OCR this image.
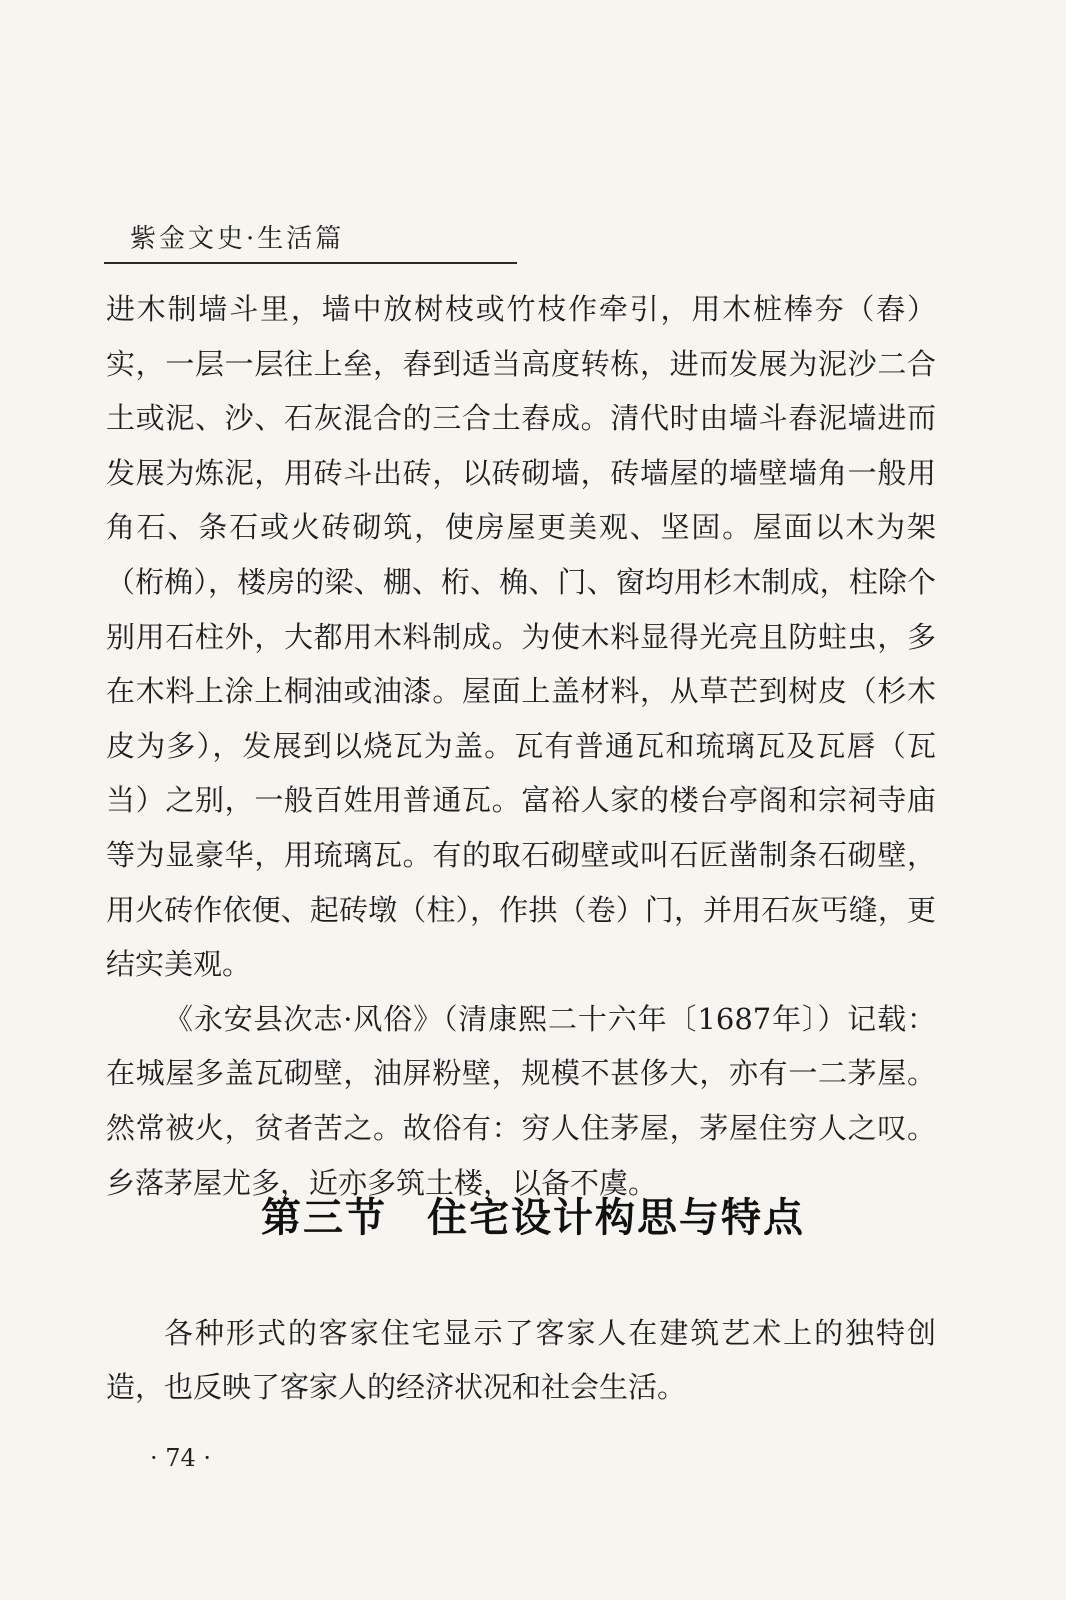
紫金文史·生活篇

进木制墙斗里，墙中放树枝或竹枝作牵引，用木桩棒夯（舂）实，一层一层往上垒，舂到适当高度转栋，进而发展为泥沙二合土或泥、沙、石灰混合的三合土舂成。清代时由墙斗舂泥墙进而发展为炼泥，用砖斗出砖，以砖砌墙，砖墙屋的墙壁墙角一般用角石、条石或火砖砌筑，使房屋更美观、坚固。屋面以木为架（桁桷），楼房的梁、棚、桁、桷、门、窗均用杉木制成，柱除个别用石柱外，大都用木料制成。为使木料显得光亮且防蛀虫，多在木料上涂上桐油或油漆。屋面上盖材料，从草芒到树皮（杉木皮为多），发展到以烧瓦为盖。瓦有普通瓦和琉璃瓦及瓦唇（瓦当）之别，一般百姓用普通瓦。富裕人家的楼台亭阁和宗祠寺庙等为显豪华，用琉璃瓦。有的取石砌壁或叫石匠凿制条石砌壁，用火砖作依便、起砖墩（柱），作拱（卷）门，并用石灰丐缝，更结实美观。

《永安县次志·风俗》（清康熙二十六年〔1687年〕）记载：在城屋多盖瓦砌壁，油屏粉壁，规模不甚侈大，亦有一二茅屋。然常被火，贫者苦之。故俗有：穷人住茅屋，茅屋住穷人之叹。乡落茅屋尤多，近亦多筑土楼，以备不虞。

第三节 住宅设计构思与特点

各种形式的客家住宅显示了客家人在建筑艺术上的独特创造，也反映了客家人的经济状况和社会生活。

· 74 ·
